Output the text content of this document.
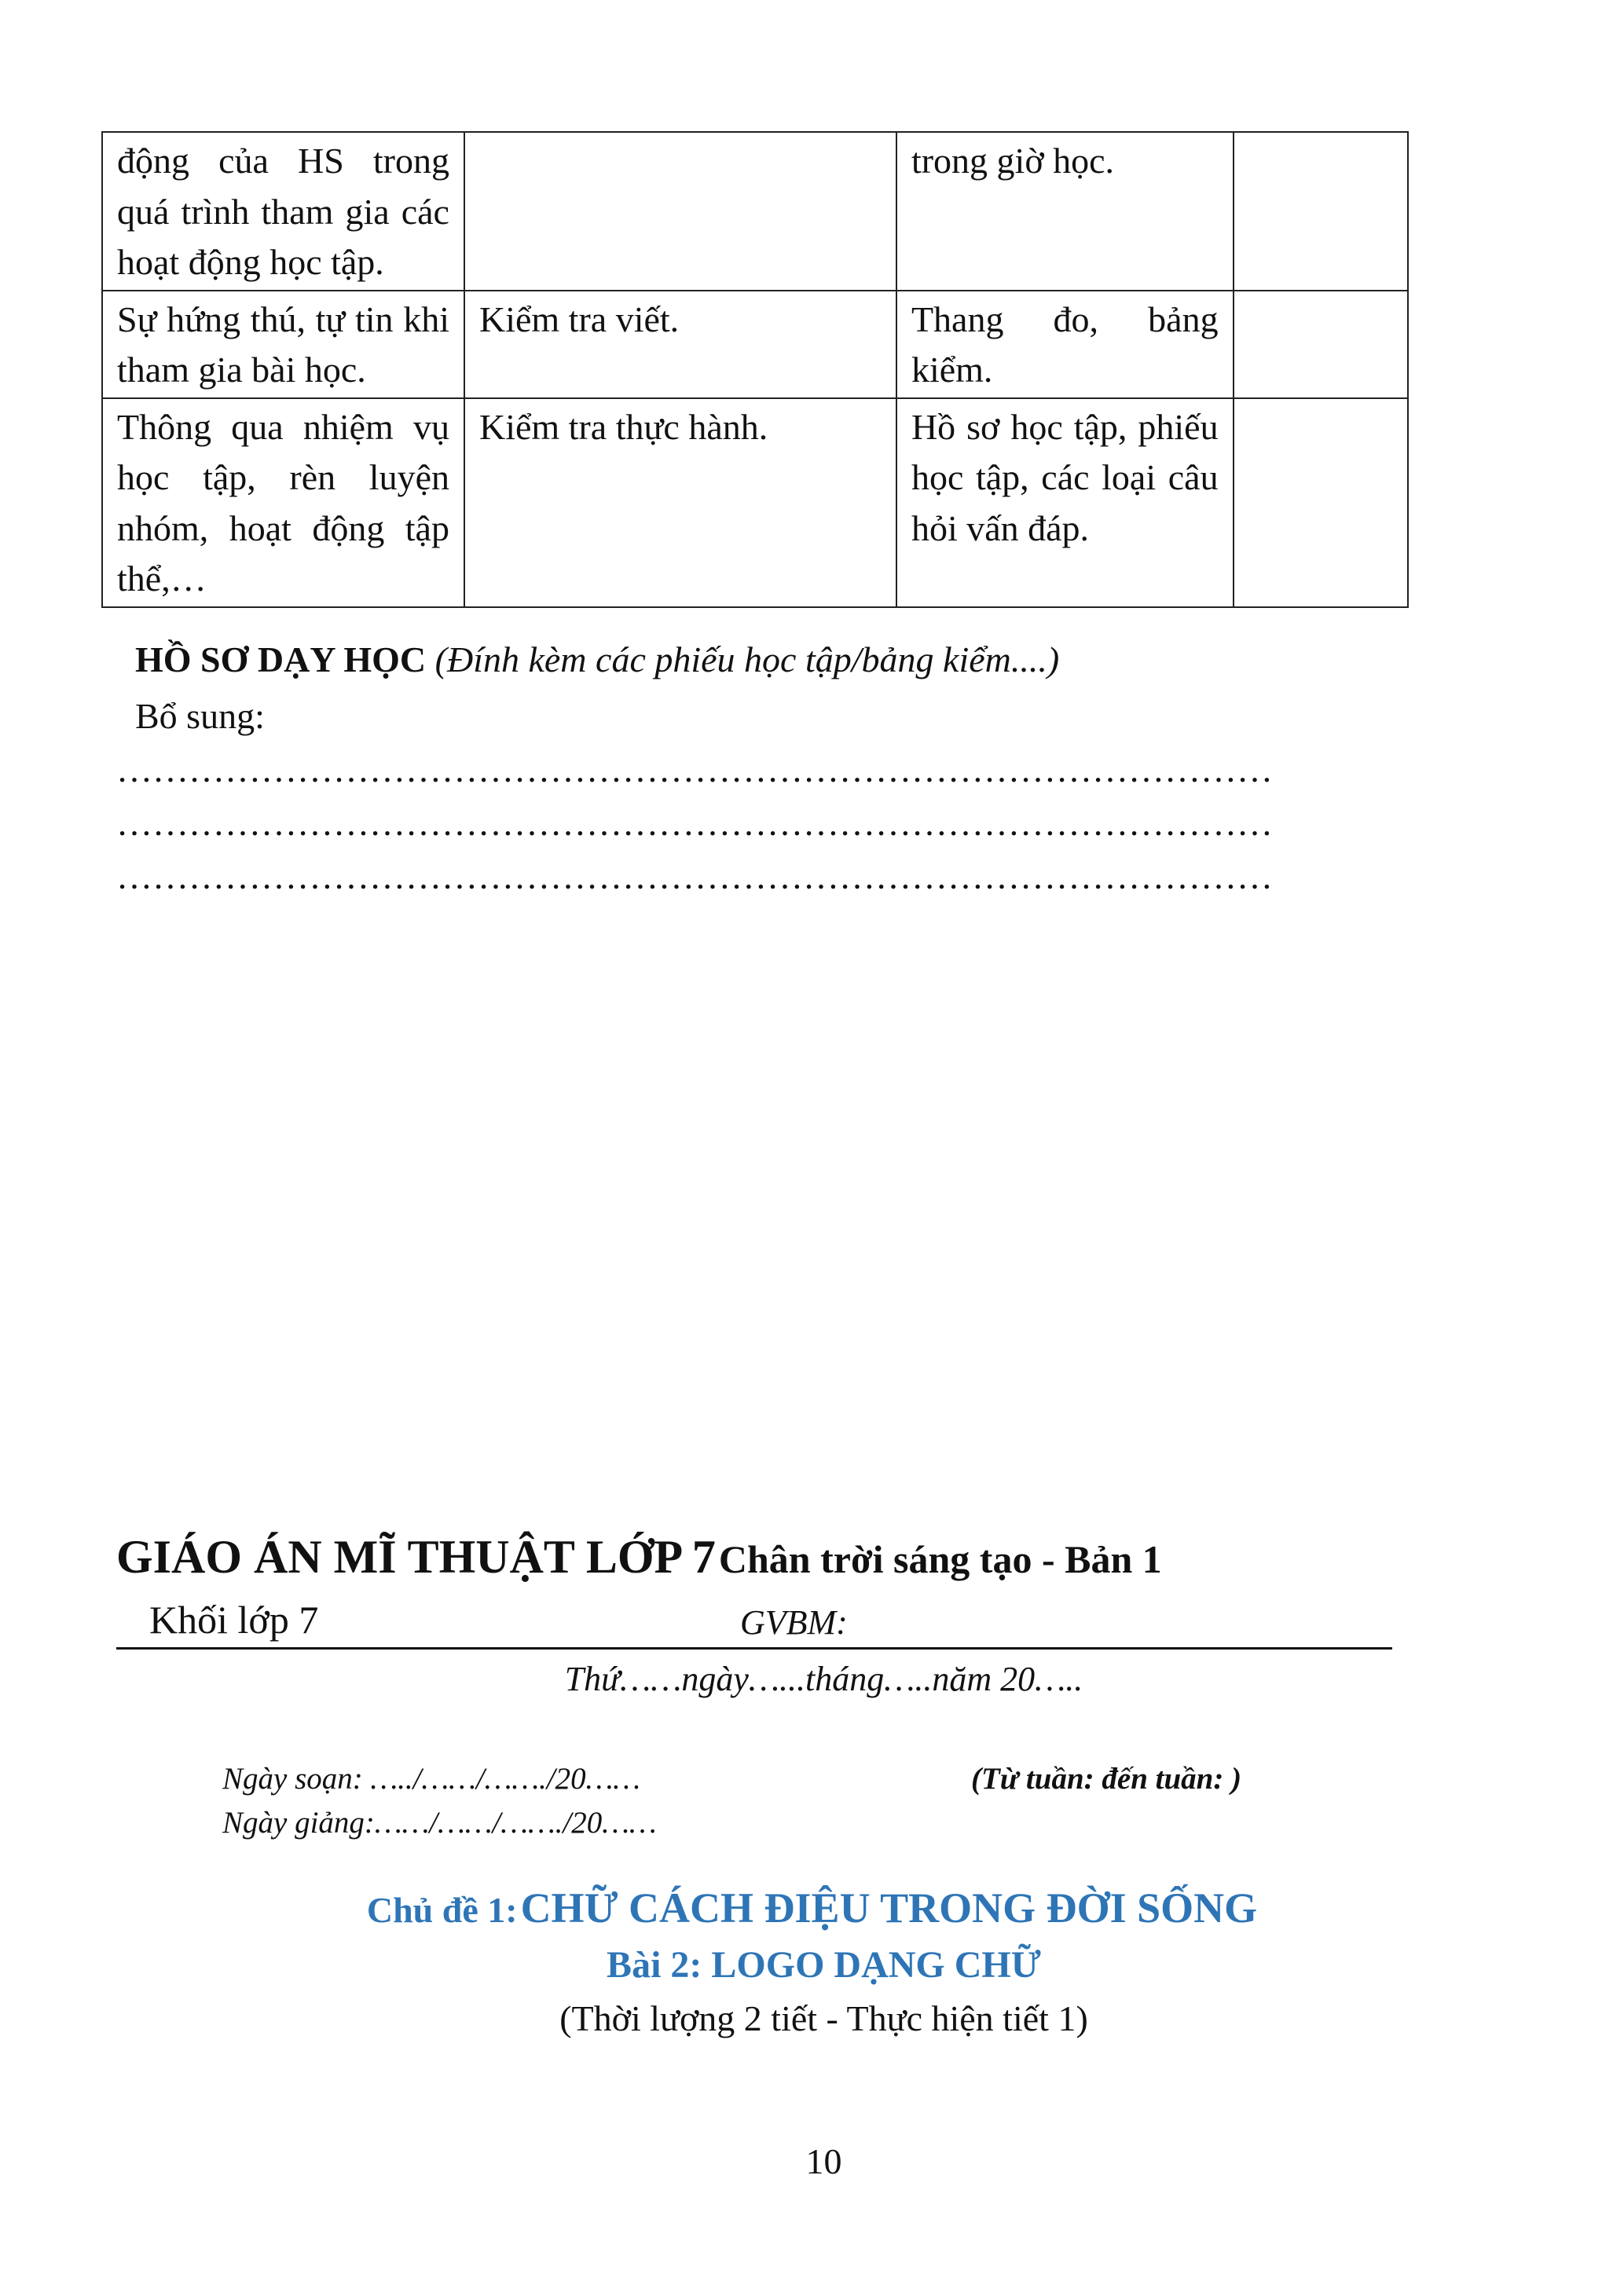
động của HS trong quá trình tham gia các hoạt động học tập.		trong giờ học.	
Sự hứng thú, tự tin khi tham gia bài học.	Kiểm tra viết.	Thang đo, bảng kiểm.	
Thông qua nhiệm vụ học tập, rèn luyện nhóm, hoạt động tập thể,…	Kiểm tra thực hành.	Hồ sơ học tập, phiếu học tập, các loại câu hỏi vấn đáp.	
HỒ SƠ DẠY HỌC (Đính kèm các phiếu học tập/bảng kiểm....)
Bổ sung:
……………………………………………………………………………………
……………………………………………………………………………………
……………………………………………………………………………………
GIÁO ÁN MĨ THUẬT LỚP 7 Chân trời sáng tạo - Bản 1
Khối lớp 7	GVBM:
Thứ……ngày…...tháng…..năm 20…..
Ngày soạn: …../……/……./20……
Ngày giảng:……/……/……./20……
(Từ tuần: đến tuần: )
Chủ đề 1: CHỮ CÁCH ĐIỆU TRONG ĐỜI SỐNG
Bài 2: LOGO DẠNG CHỮ
(Thời lượng 2 tiết - Thực hiện tiết 1)
10
